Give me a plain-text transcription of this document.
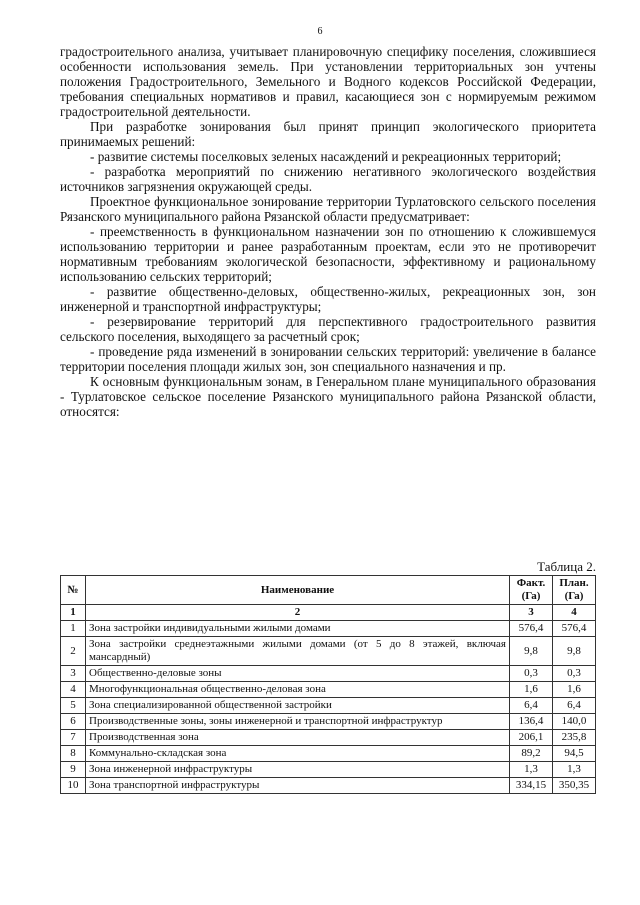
6

градостроительного анализа, учитывает планировочную специфику поселения, сложившиеся особенности использования земель. При установлении территориальных зон учтены положения Градостроительного, Земельного и Водного кодексов Российской Федерации, требования специальных нормативов и правил, касающиеся зон с нормируемым режимом градостроительной деятельности.

При разработке зонирования был принят принцип экологического приоритета принимаемых решений:

- развитие системы поселковых зеленых насаждений и рекреационных территорий;

- разработка мероприятий по снижению негативного экологического воздействия источников загрязнения окружающей среды.

Проектное функциональное зонирование территории Турлатовского сельского поселения Рязанского муниципального района Рязанской области предусматривает:

- преемственность в функциональном назначении зон по отношению к сложившемуся использованию территории и ранее разработанным проектам, если это не противоречит нормативным требованиям экологической безопасности, эффективному и рациональному использованию сельских территорий;

- развитие общественно-деловых, общественно-жилых, рекреационных зон, зон инженерной и транспортной инфраструктуры;

- резервирование территорий для перспективного градостроительного развития сельского поселения, выходящего за расчетный срок;

- проведение ряда изменений в зонировании сельских территорий: увеличение в балансе территории поселения площади жилых зон, зон специального назначения и пр.

К основным функциональным зонам, в Генеральном плане муниципального образования - Турлатовское сельское поселение Рязанского муниципального района Рязанской области, относятся:

Таблица 2.
№	Наименование	Факт. (Га)	План. (Га)
1	2	3	4
1	Зона застройки индивидуальными жилыми домами	576,4	576,4
2	Зона застройки среднеэтажными жилыми домами (от 5 до 8 этажей, включая мансардный)	9,8	9,8
3	Общественно-деловые зоны	0,3	0,3
4	Многофункциональная общественно-деловая зона	1,6	1,6
5	Зона специализированной общественной застройки	6,4	6,4
6	Производственные зоны, зоны инженерной и транспортной инфраструктур	136,4	140,0
7	Производственная зона	206,1	235,8
8	Коммунально-складская зона	89,2	94,5
9	Зона инженерной инфраструктуры	1,3	1,3
10	Зона транспортной инфраструктуры	334,15	350,35
